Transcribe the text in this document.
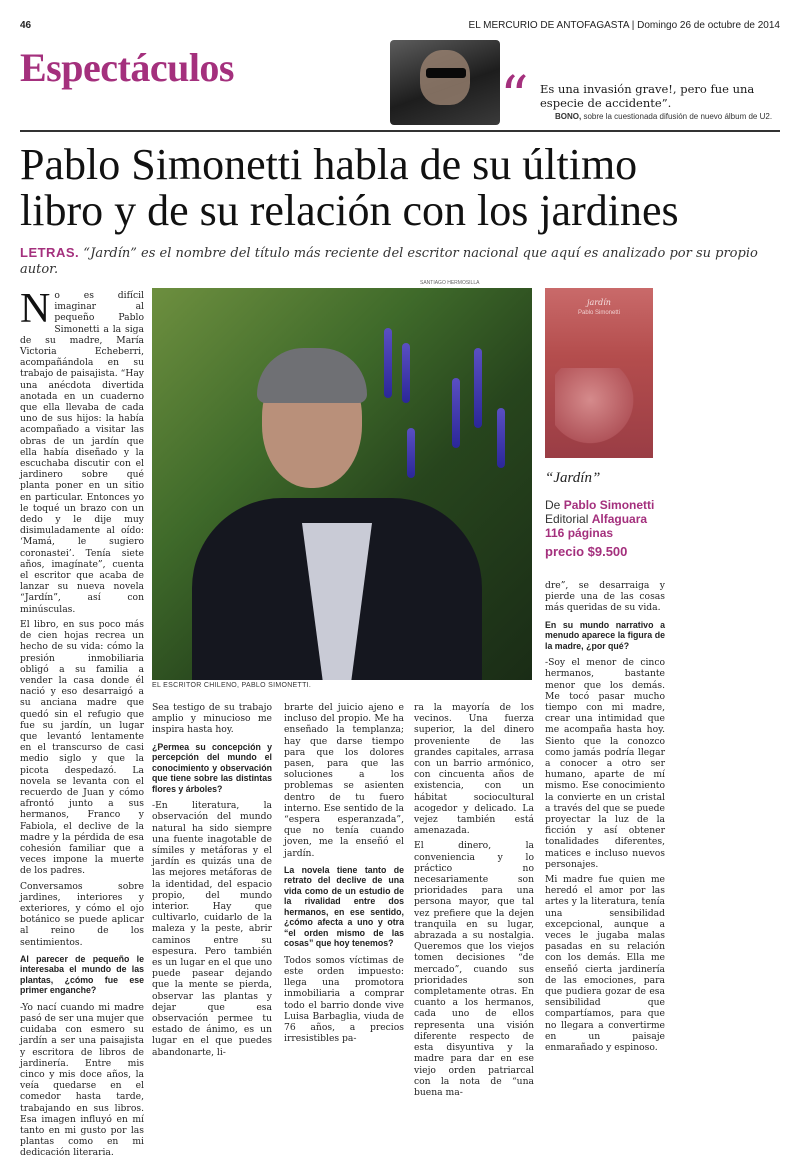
46	EL MERCURIO DE ANTOFAGASTA | Domingo 26 de octubre de 2014
Espectáculos	“ Es una invasión grave!, pero fue una especie de accidente”.
BONO, sobre la cuestionada difusión de nuevo álbum de U2.
Pablo Simonetti habla de su último
libro y de su relación con los jardines
LETRAS. “Jardín” es el nombre del título más reciente del escritor nacional que aquí es analizado por su propio autor.

No es difícil imaginar al pequeño Pablo Simonetti a la siga de su madre, María Victoria Echeberri, acompañándola en su trabajo de paisajista. “Hay una anécdota divertida anotada en un cuaderno que ella llevaba de cada uno de sus hijos: la había acompañado a visitar las obras de un jardín que ella había diseñado y la escuchaba discutir con el jardinero sobre qué planta poner en un sitio en particular. Entonces yo le toqué un brazo con un dedo y le dije muy disimuladamente al oído: ‘Mamá, le sugiero coronastei’. Tenía siete años, imagínate”, cuenta el escritor que acaba de lanzar su nueva novela “Jardín”, así con minúsculas.

El libro, en sus poco más de cien hojas recrea un hecho de su vida: cómo la presión inmobiliaria obligó a su familia a vender la casa donde él nació y eso desarraigó a su anciana madre que quedó sin el refugio que fue su jardín, un lugar que levantó lentamente en el transcurso de casi medio siglo y que la picota despedazó. La novela se levanta con el recuerdo de Juan y cómo afrontó junto a sus hermanos, Franco y Fabiola, el declive de la madre y la pérdida de esa cohesión familiar que a veces impone la muerte de los padres.

Conversamos sobre jardines, interiores y exteriores, y cómo el ojo botánico se puede aplicar al reino de los sentimientos.

Al parecer de pequeño le interesaba el mundo de las plantas, ¿cómo fue ese primer enganche?

-Yo nací cuando mi madre pasó de ser una mujer que cuidaba con esmero su jardín a ser una paisajista y escritora de libros de jardinería. Entre mis cinco y mis doce años, la veía quedarse en el comedor hasta tarde, trabajando en sus libros. Esa imagen influyó en mí tanto en mi gusto por las plantas como en mi dedicación literaria.

SANTIAGO HERMOSILLA
EL ESCRITOR CHILENO, PABLO SIMONETTI.
jardín
Pablo Simonetti
“Jardín”
De Pablo Simonetti
Editorial Alfaguara
116 páginas
precio $9.500

Sea testigo de su trabajo amplio y minucioso me inspira hasta hoy.

¿Permea su concepción y percepción del mundo el conocimiento y observación que tiene sobre las distintas flores y árboles?

-En literatura, la observación del mundo natural ha sido siempre una fuente inagotable de símiles y metáforas y el jardín es quizás una de las mejores metáforas de la identidad, del espacio propio, del mundo interior. Hay que cultivarlo, cuidarlo de la maleza y la peste, abrir caminos entre su espesura. Pero también es un lugar en el que uno puede pasear dejando que la mente se pierda, observar las plantas y dejar que esa observación permee tu estado de ánimo, es un lugar en el que puedes abandonarte, li-

brarte del juicio ajeno e incluso del propio. Me ha enseñado la templanza; hay que darse tiempo para que los dolores pasen, para que las soluciones a los problemas se asienten dentro de tu fuero interno. Ese sentido de la “espera esperanzada”, que no tenía cuando joven, me la enseñó el jardín.

La novela tiene tanto de retrato del declive de una vida como de un estudio de la rivalidad entre dos hermanos, en ese sentido, ¿cómo afecta a uno y otra “el orden mismo de las cosas” que hoy tenemos?

Todos somos víctimas de este orden impuesto: llega una promotora inmobiliaria a comprar todo el barrio donde vive Luisa Barbaglia, viuda de 76 años, a precios irresistibles pa-

ra la mayoría de los vecinos. Una fuerza superior, la del dinero proveniente de las grandes capitales, arrasa con un barrio armónico, con cincuenta años de existencia, con un hábitat sociocultural acogedor y delicado. La vejez también está amenazada.

El dinero, la conveniencia y lo práctico no necesariamente son prioridades para una persona mayor, que tal vez prefiere que la dejen tranquila en su lugar, abrazada a su nostalgia. Queremos que los viejos tomen decisiones “de mercado”, cuando sus prioridades son completamente otras. En cuanto a los hermanos, cada uno de ellos representa una visión diferente respecto de esta disyuntiva y la madre para dar en ese viejo orden patriarcal con la nota de “una buena ma-

dre”, se desarraiga y pierde una de las cosas más queridas de su vida.

En su mundo narrativo a menudo aparece la figura de la madre, ¿por qué?

-Soy el menor de cinco hermanos, bastante menor que los demás. Me tocó pasar mucho tiempo con mi madre, crear una intimidad que me acompaña hasta hoy. Siento que la conozco como jamás podría llegar a conocer a otro ser humano, aparte de mí mismo. Ese conocimiento la convierte en un cristal a través del que se puede proyectar la luz de la ficción y así obtener tonalidades diferentes, matices e incluso nuevos personajes.

Mi madre fue quien me heredó el amor por las artes y la literatura, tenía una sensibilidad excepcional, aunque a veces le jugaba malas pasadas en su relación con los demás. Ella me enseñó cierta jardinería de las emociones, para que pudiera gozar de esa sensibilidad que compartíamos, para que no llegara a convertirme en un paisaje enmarañado y espinoso.
